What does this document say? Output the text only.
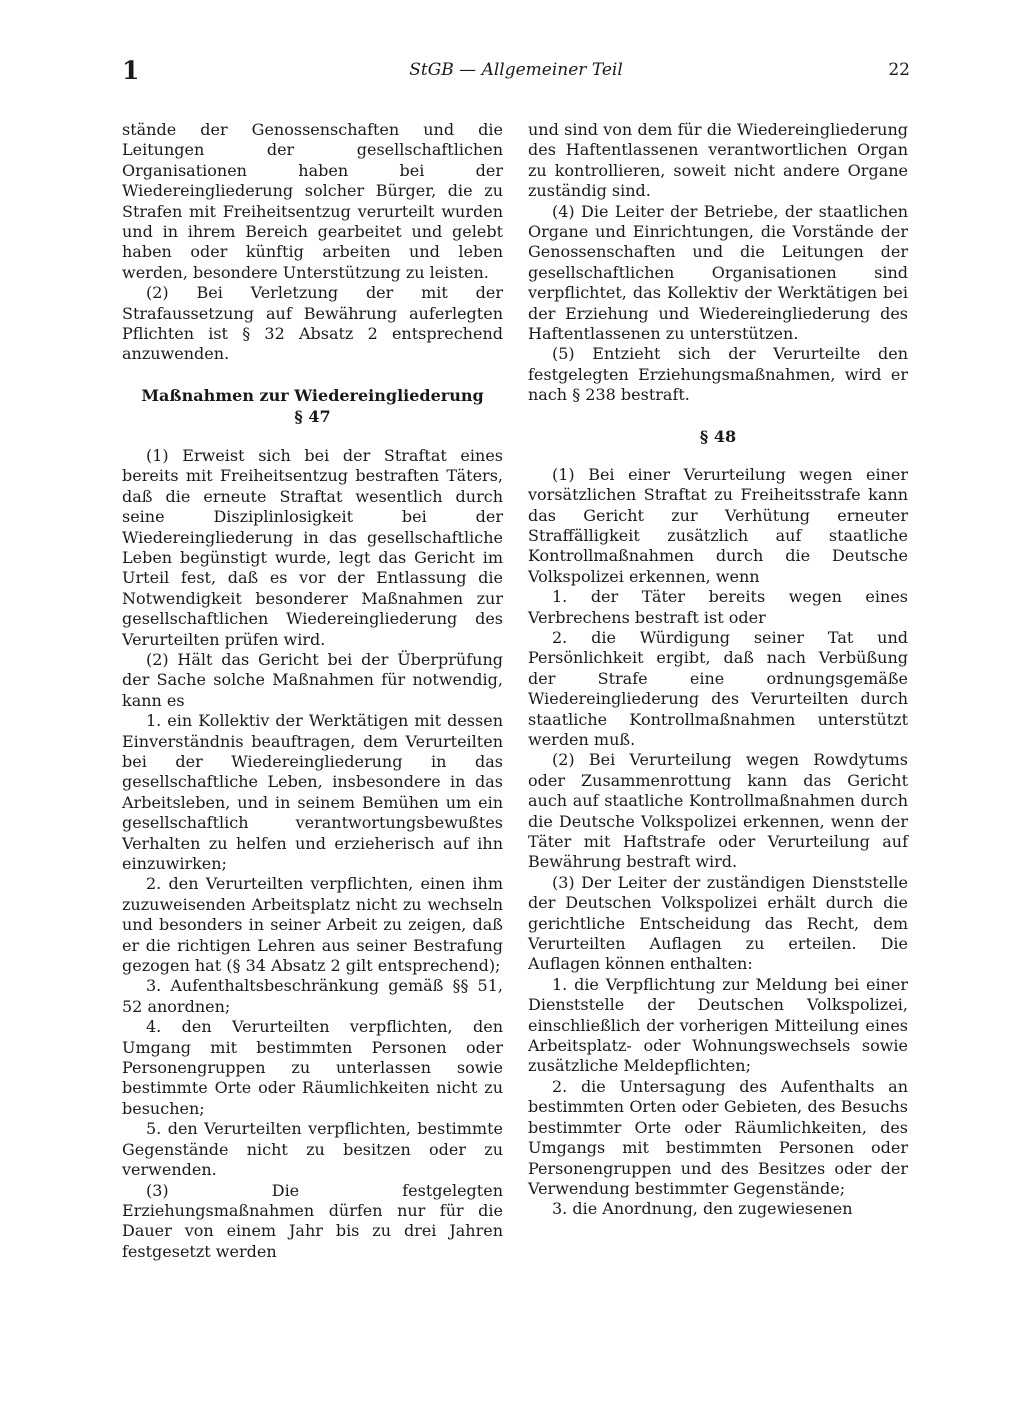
1	StGB — Allgemeiner Teil	22

stände der Genossenschaften und die Leitungen der gesellschaftlichen Organisationen haben bei der Wiedereingliederung solcher Bürger, die zu Strafen mit Freiheitsentzug verurteilt wurden und in ihrem Bereich gearbeitet und gelebt haben oder künftig arbeiten und leben werden, besondere Unterstützung zu leisten.

(2) Bei Verletzung der mit der Strafaussetzung auf Bewährung auferlegten Pflichten ist § 32 Absatz 2 entsprechend anzuwenden.

Maßnahmen zur Wiedereingliederung
§ 47

(1) Erweist sich bei der Straftat eines bereits mit Freiheitsentzug bestraften Täters, daß die erneute Straftat wesentlich durch seine Disziplinlosigkeit bei der Wiedereingliederung in das gesellschaftliche Leben begünstigt wurde, legt das Gericht im Urteil fest, daß es vor der Entlassung die Notwendigkeit besonderer Maßnahmen zur gesellschaftlichen Wiedereingliederung des Verurteilten prüfen wird.

(2) Hält das Gericht bei der Überprüfung der Sache solche Maßnahmen für notwendig, kann es

1. ein Kollektiv der Werktätigen mit dessen Einverständnis beauftragen, dem Verurteilten bei der Wiedereingliederung in das gesellschaftliche Leben, insbesondere in das Arbeitsleben, und in seinem Bemühen um ein gesellschaftlich verantwortungsbewußtes Verhalten zu helfen und erzieherisch auf ihn einzuwirken;

2. den Verurteilten verpflichten, einen ihm zuzuweisenden Arbeitsplatz nicht zu wechseln und besonders in seiner Arbeit zu zeigen, daß er die richtigen Lehren aus seiner Bestrafung gezogen hat (§ 34 Absatz 2 gilt entsprechend);

3. Aufenthaltsbeschränkung gemäß §§ 51, 52 anordnen;

4. den Verurteilten verpflichten, den Umgang mit bestimmten Personen oder Personengruppen zu unterlassen sowie bestimmte Orte oder Räumlichkeiten nicht zu besuchen;

5. den Verurteilten verpflichten, bestimmte Gegenstände nicht zu besitzen oder zu verwenden.

(3) Die festgelegten Erziehungsmaßnahmen dürfen nur für die Dauer von einem Jahr bis zu drei Jahren festgesetzt werden

und sind von dem für die Wiedereingliederung des Haftentlassenen verantwortlichen Organ zu kontrollieren, soweit nicht andere Organe zuständig sind.

(4) Die Leiter der Betriebe, der staatlichen Organe und Einrichtungen, die Vorstände der Genossenschaften und die Leitungen der gesellschaftlichen Organisationen sind verpflichtet, das Kollektiv der Werktätigen bei der Erziehung und Wiedereingliederung des Haftentlassenen zu unterstützen.

(5) Entzieht sich der Verurteilte den festgelegten Erziehungsmaßnahmen, wird er nach § 238 bestraft.

§ 48

(1) Bei einer Verurteilung wegen einer vorsätzlichen Straftat zu Freiheitsstrafe kann das Gericht zur Verhütung erneuter Straffälligkeit zusätzlich auf staatliche Kontrollmaßnahmen durch die Deutsche Volkspolizei erkennen, wenn

1. der Täter bereits wegen eines Verbrechens bestraft ist oder

2. die Würdigung seiner Tat und Persönlichkeit ergibt, daß nach Verbüßung der Strafe eine ordnungsgemäße Wiedereingliederung des Verurteilten durch staatliche Kontrollmaßnahmen unterstützt werden muß.

(2) Bei Verurteilung wegen Rowdytums oder Zusammenrottung kann das Gericht auch auf staatliche Kontrollmaßnahmen durch die Deutsche Volkspolizei erkennen, wenn der Täter mit Haftstrafe oder Verurteilung auf Bewährung bestraft wird.

(3) Der Leiter der zuständigen Dienststelle der Deutschen Volkspolizei erhält durch die gerichtliche Entscheidung das Recht, dem Verurteilten Auflagen zu erteilen. Die Auflagen können enthalten:

1. die Verpflichtung zur Meldung bei einer Dienststelle der Deutschen Volkspolizei, einschließlich der vorherigen Mitteilung eines Arbeitsplatz- oder Wohnungswechsels sowie zusätzliche Meldepflichten;

2. die Untersagung des Aufenthalts an bestimmten Orten oder Gebieten, des Besuchs bestimmter Orte oder Räumlichkeiten, des Umgangs mit bestimmten Personen oder Personengruppen und des Besitzes oder der Verwendung bestimmter Gegenstände;

3. die Anordnung, den zugewiesenen
